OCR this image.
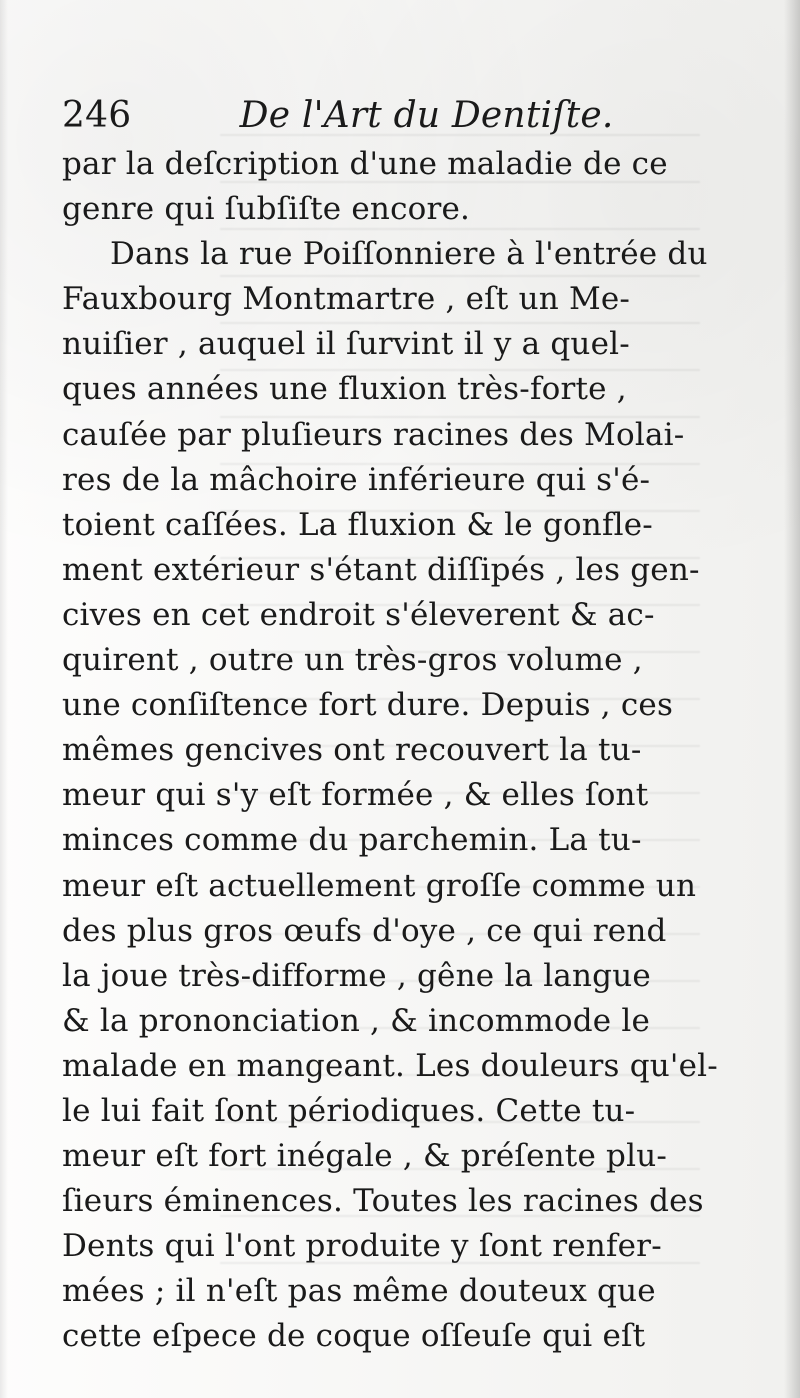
246	De l'Art du Dentiſte.
par la deſcription d'une maladie de ce
genre qui ſubſiſte encore.
Dans la rue Poiſſonniere à l'entrée du
Fauxbourg Montmartre , eſt un Me-
nuiſier , auquel il ſurvint il y a quel-
ques années une fluxion très-forte ,
cauſée par pluſieurs racines des Molai-
res de la mâchoire inférieure qui s'é-
toient caſſées. La fluxion & le gonfle-
ment extérieur s'étant diſſipés , les gen-
cives en cet endroit s'éleverent & ac-
quirent , outre un très-gros volume ,
une conſiſtence fort dure. Depuis , ces
mêmes gencives ont recouvert la tu-
meur qui s'y eſt formée , & elles ſont
minces comme du parchemin. La tu-
meur eſt actuellement groſſe comme un
des plus gros œufs d'oye , ce qui rend
la joue très-difforme , gêne la langue
& la prononciation , & incommode le
malade en mangeant. Les douleurs qu'el-
le lui fait ſont périodiques. Cette tu-
meur eſt fort inégale , & préſente plu-
ſieurs éminences. Toutes les racines des
Dents qui l'ont produite y ſont renfer-
mées ; il n'eſt pas même douteux que
cette eſpece de coque oſſeuſe qui eſt
